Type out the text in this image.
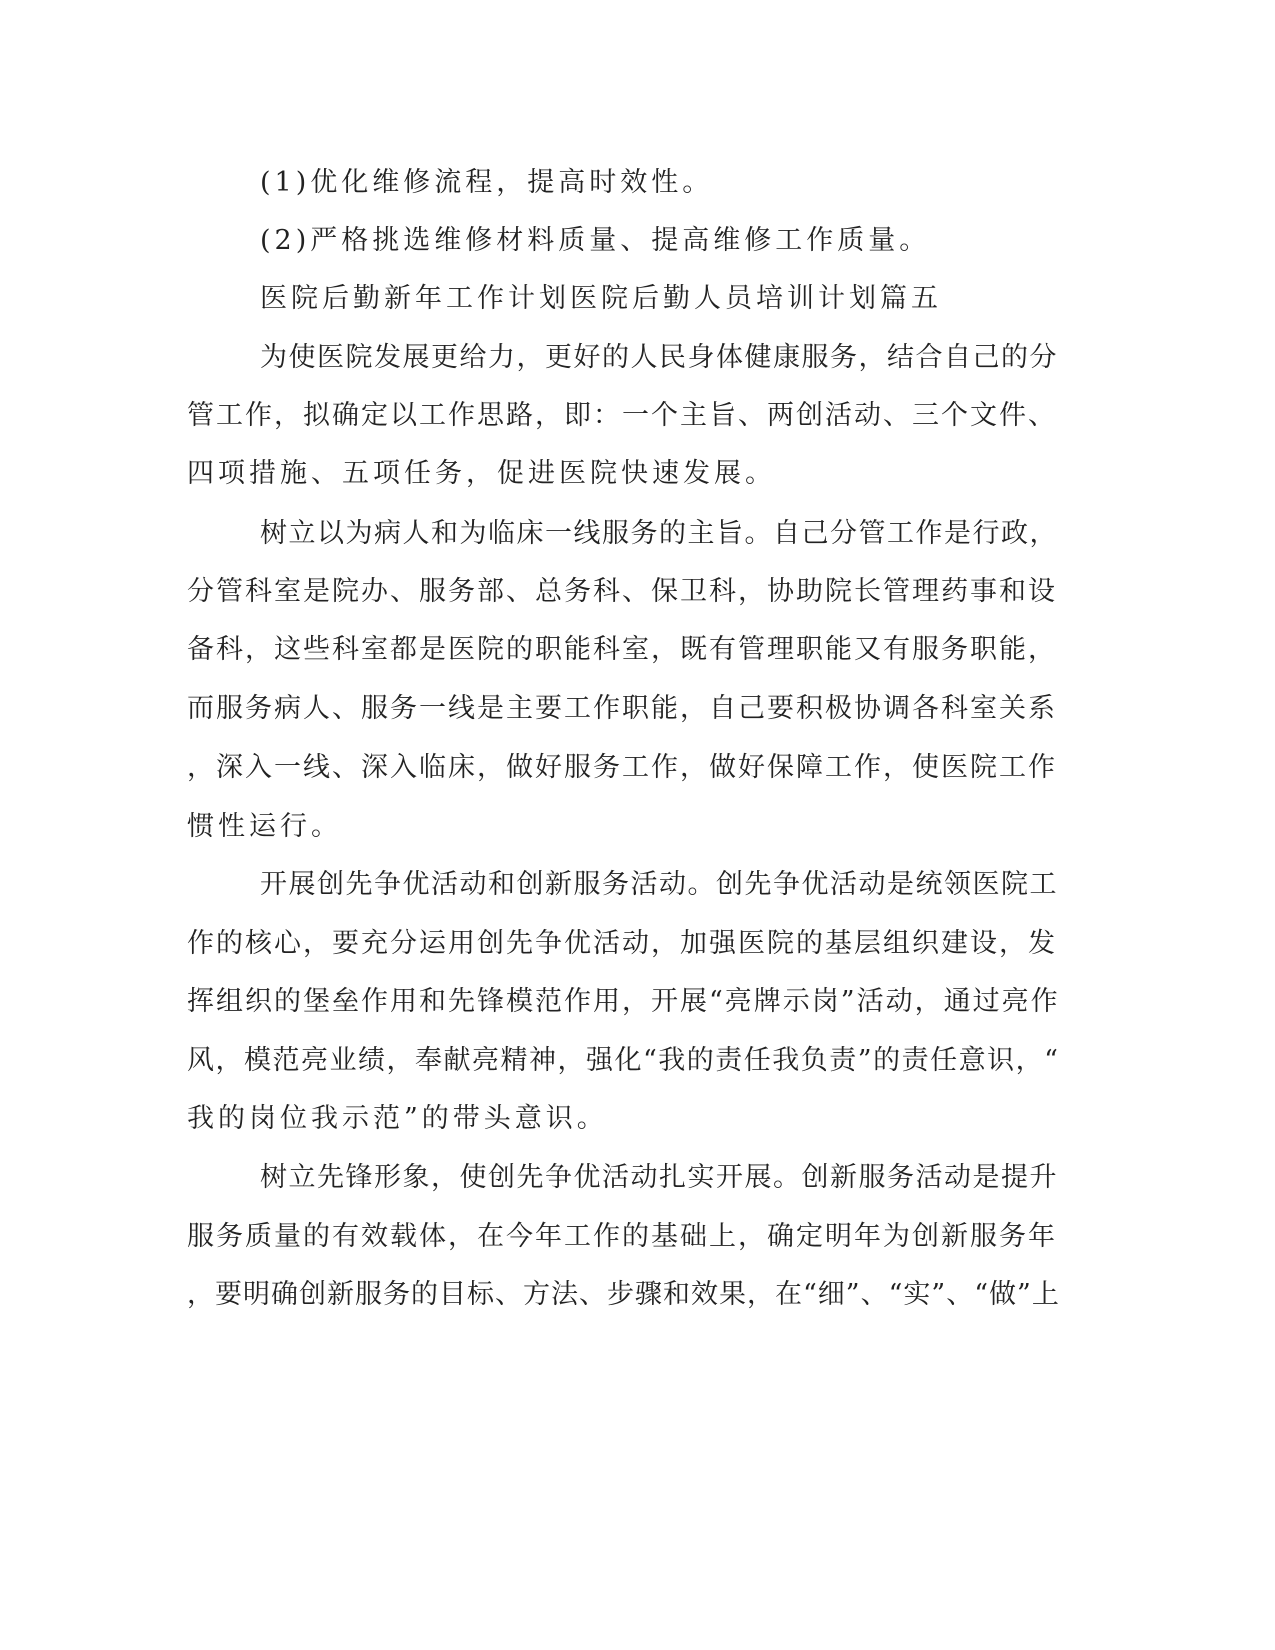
(1)优化维修流程，提高时效性。

(2)严格挑选维修材料质量、提高维修工作质量。

医院后勤新年工作计划医院后勤人员培训计划篇五

为使医院发展更给力，更好的人民身体健康服务，结合自己的分

管工作，拟确定以工作思路，即：一个主旨、两创活动、三个文件、

四项措施、五项任务，促进医院快速发展。

树立以为病人和为临床一线服务的主旨。自己分管工作是行政，

分管科室是院办、服务部、总务科、保卫科，协助院长管理药事和设

备科，这些科室都是医院的职能科室，既有管理职能又有服务职能，

而服务病人、服务一线是主要工作职能，自己要积极协调各科室关系

，深入一线、深入临床，做好服务工作，做好保障工作，使医院工作

惯性运行。

开展创先争优活动和创新服务活动。创先争优活动是统领医院工

作的核心，要充分运用创先争优活动，加强医院的基层组织建设，发

挥组织的堡垒作用和先锋模范作用，开展“亮牌示岗”活动，通过亮作

风，模范亮业绩，奉献亮精神，强化“我的责任我负责”的责任意识，“

我的岗位我示范”的带头意识。

树立先锋形象，使创先争优活动扎实开展。创新服务活动是提升

服务质量的有效载体，在今年工作的基础上，确定明年为创新服务年

，要明确创新服务的目标、方法、步骤和效果，在“细”、“实”、“做”上
